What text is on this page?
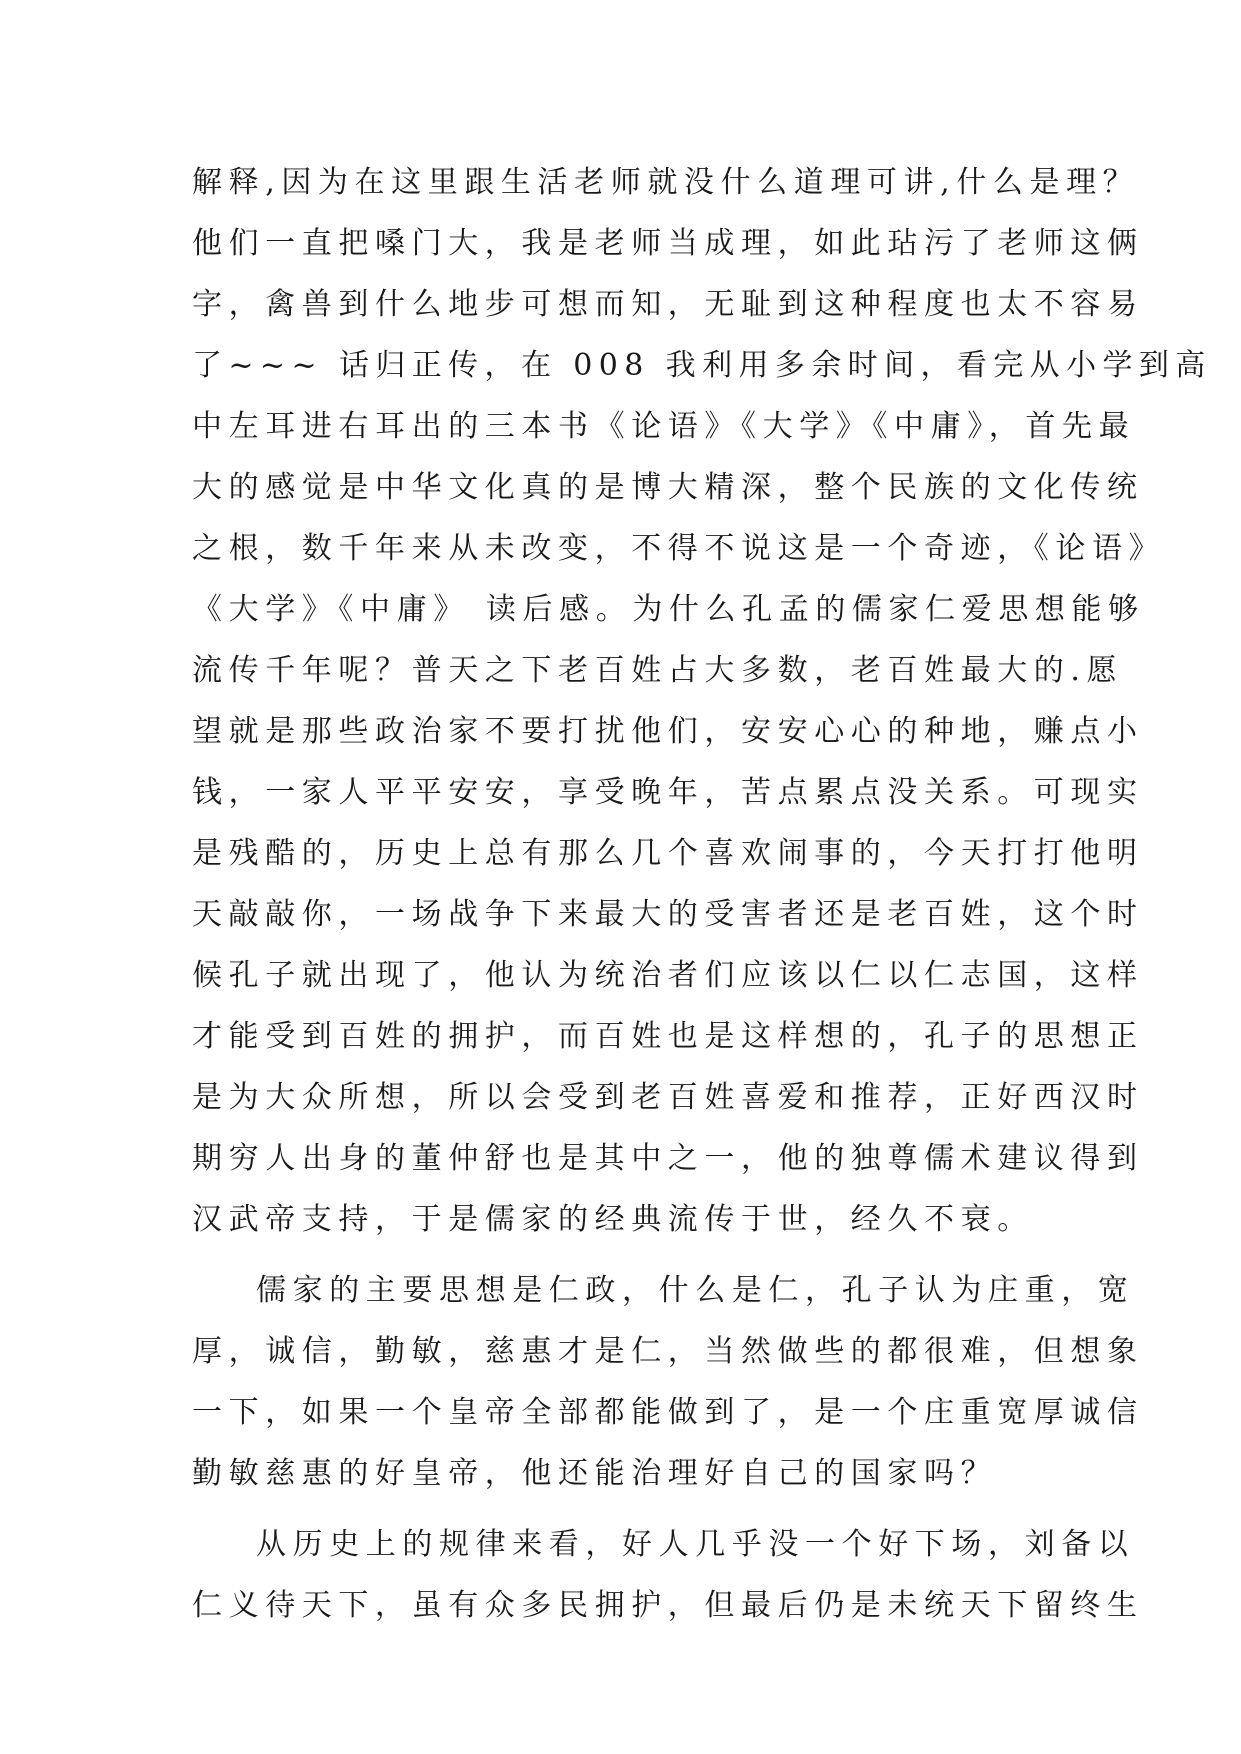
解释,因为在这里跟生活老师就没什么道理可讲,什么是理？
他们一直把嗓门大，我是老师当成理，如此玷污了老师这俩
字，禽兽到什么地步可想而知，无耻到这种程度也太不容易
了~~~ 话归正传，在 008 我利用多余时间，看完从小学到高
中左耳进右耳出的三本书《论语》《大学》《中庸》，首先最
大的感觉是中华文化真的是博大精深，整个民族的文化传统
之根，数千年来从未改变，不得不说这是一个奇迹，《论语》
《大学》《中庸》 读后感。为什么孔孟的儒家仁爱思想能够
流传千年呢？普天之下老百姓占大多数，老百姓最大的.愿
望就是那些政治家不要打扰他们，安安心心的种地，赚点小
钱，一家人平平安安，享受晚年，苦点累点没关系。可现实
是残酷的，历史上总有那么几个喜欢闹事的，今天打打他明
天敲敲你，一场战争下来最大的受害者还是老百姓，这个时
候孔子就出现了，他认为统治者们应该以仁以仁志国，这样
才能受到百姓的拥护，而百姓也是这样想的，孔子的思想正
是为大众所想，所以会受到老百姓喜爱和推荐，正好西汉时
期穷人出身的董仲舒也是其中之一，他的独尊儒术建议得到
汉武帝支持，于是儒家的经典流传于世，经久不衰。
儒家的主要思想是仁政，什么是仁，孔子认为庄重，宽
厚，诚信，勤敏，慈惠才是仁，当然做些的都很难，但想象
一下，如果一个皇帝全部都能做到了，是一个庄重宽厚诚信
勤敏慈惠的好皇帝，他还能治理好自己的国家吗？
从历史上的规律来看，好人几乎没一个好下场，刘备以
仁义待天下，虽有众多民拥护，但最后仍是未统天下留终生
